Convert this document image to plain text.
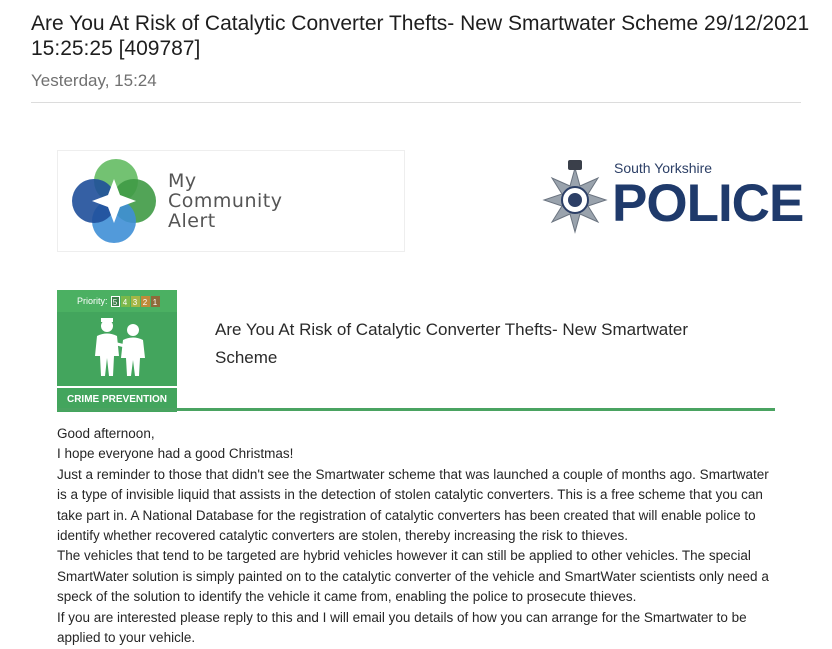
Are You At Risk of Catalytic Converter Thefts- New Smartwater Scheme 29/12/2021 15:25:25 [409787]
Yesterday, 15:24
My
Community
Alert
South Yorkshire
POLICE
Priority: 5 4 3 2 1
CRIME PREVENTION
Are You At Risk of Catalytic Converter Thefts- New Smartwater Scheme

Good afternoon,

I hope everyone had a good Christmas!

Just a reminder to those that didn't see the Smartwater scheme that was launched a couple of months ago. Smartwater is a type of invisible liquid that assists in the detection of stolen catalytic converters. This is a free scheme that you can take part in. A National Database for the registration of catalytic converters has been created that will enable police to identify whether recovered catalytic converters are stolen, thereby increasing the risk to thieves.

The vehicles that tend to be targeted are hybrid vehicles however it can still be applied to other vehicles. The special SmartWater solution is simply painted on to the catalytic converter of the vehicle and SmartWater scientists only need a speck of the solution to identify the vehicle it came from, enabling the police to prosecute thieves.

If you are interested please reply to this and I will email you details of how you can arrange for the Smartwater to be applied to your vehicle.
